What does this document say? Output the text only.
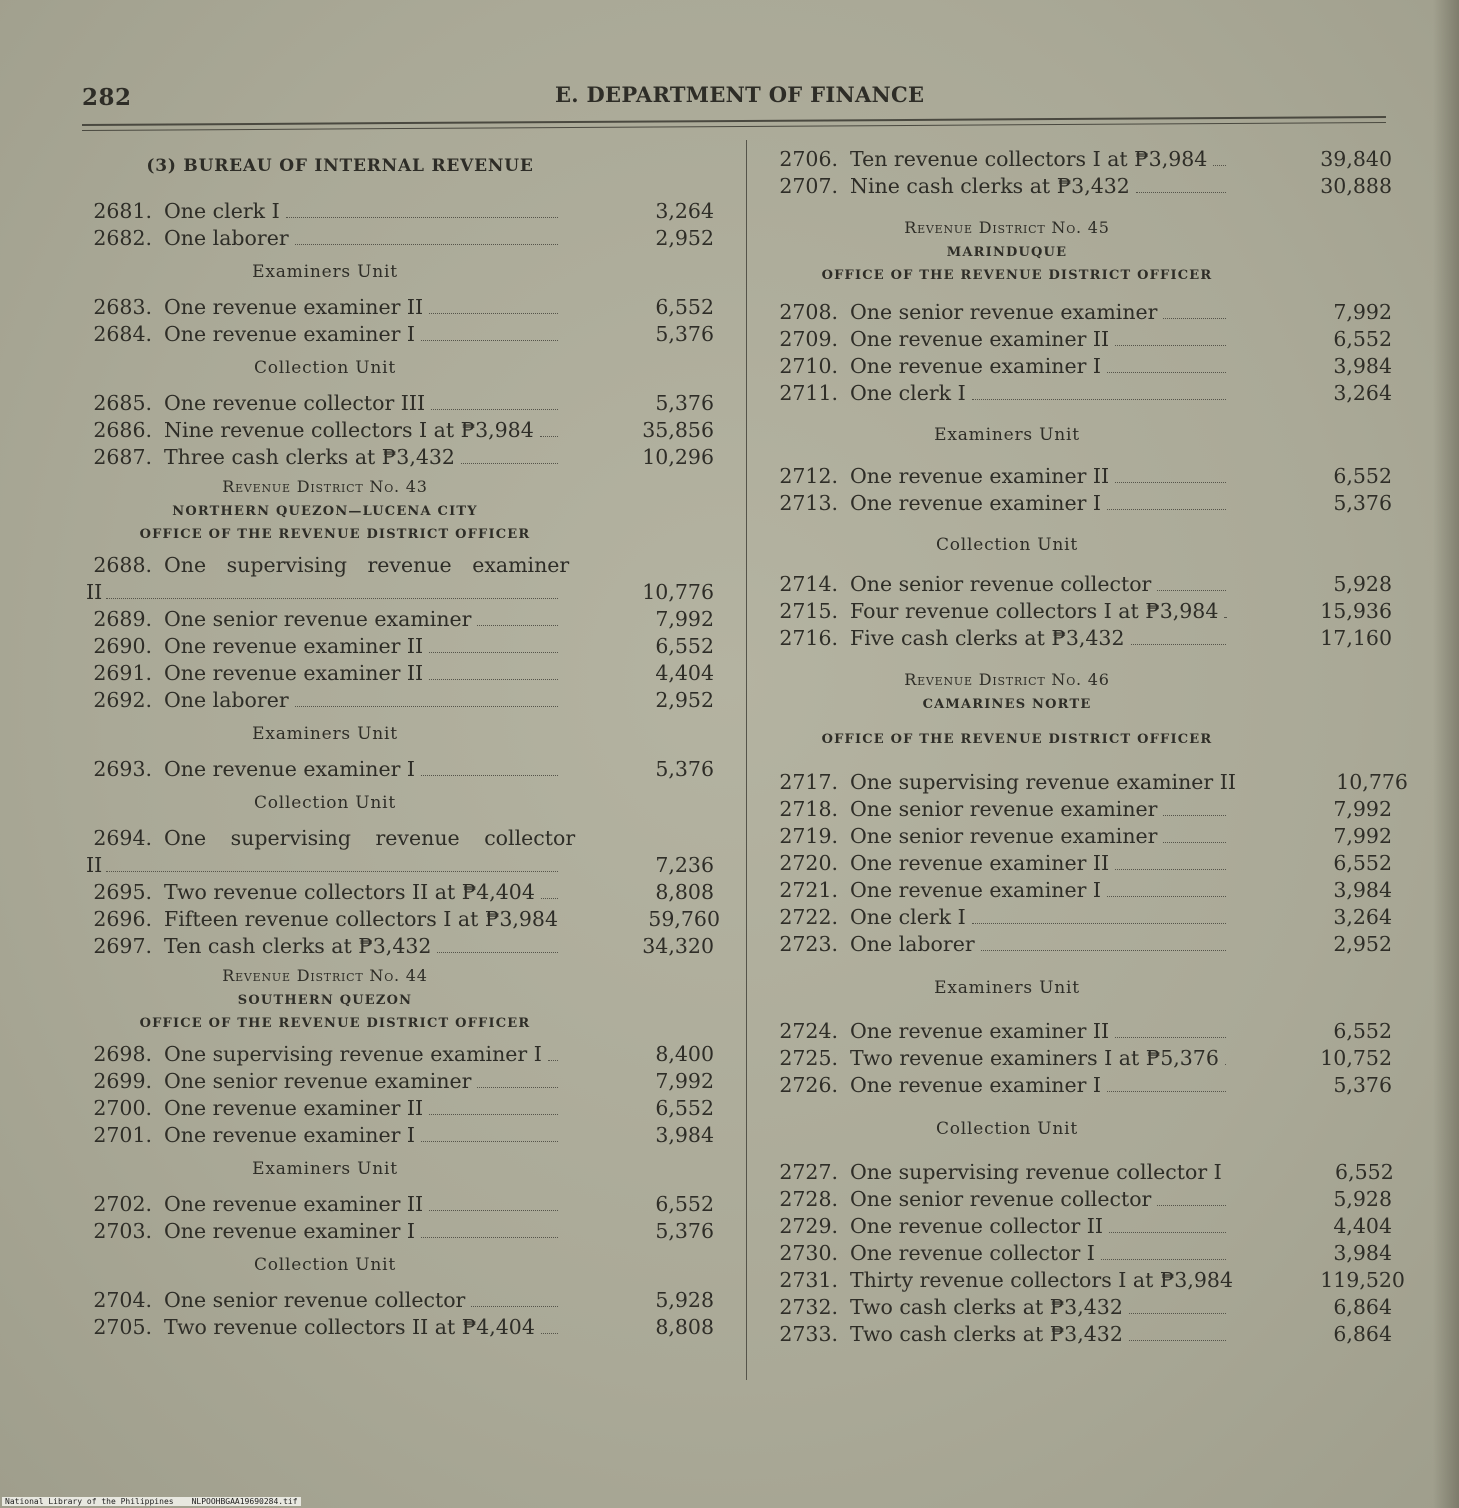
282	E. DEPARTMENT OF FINANCE
(3) BUREAU OF INTERNAL REVENUE
2681. One clerk I	3,264
2682. One laborer	2,952
Examiners Unit
2683. One revenue examiner II	6,552
2684. One revenue examiner I	5,376
Collection Unit
2685. One revenue collector III	5,376
2686. Nine revenue collectors I at ₱3,984	35,856
2687. Three cash clerks at ₱3,432	10,296
Revenue District No. 43
NORTHERN QUEZON—LUCENA CITY
OFFICE OF THE REVENUE DISTRICT OFFICER
2688. One supervising revenue examiner
II	10,776
2689. One senior revenue examiner	7,992
2690. One revenue examiner II	6,552
2691. One revenue examiner II	4,404
2692. One laborer	2,952
Examiners Unit
2693. One revenue examiner I	5,376
Collection Unit
2694. One supervising revenue collector
II	7,236
2695. Two revenue collectors II at ₱4,404	8,808
2696. Fifteen revenue collectors I at ₱3,984	59,760
2697. Ten cash clerks at ₱3,432	34,320
Revenue District No. 44
SOUTHERN QUEZON
OFFICE OF THE REVENUE DISTRICT OFFICER
2698. One supervising revenue examiner I	8,400
2699. One senior revenue examiner	7,992
2700. One revenue examiner II	6,552
2701. One revenue examiner I	3,984
Examiners Unit
2702. One revenue examiner II	6,552
2703. One revenue examiner I	5,376
Collection Unit
2704. One senior revenue collector	5,928
2705. Two revenue collectors II at ₱4,404	8,808
2706. Ten revenue collectors I at ₱3,984	39,840
2707. Nine cash clerks at ₱3,432	30,888
Revenue District No. 45
MARINDUQUE
OFFICE OF THE REVENUE DISTRICT OFFICER
2708. One senior revenue examiner	7,992
2709. One revenue examiner II	6,552
2710. One revenue examiner I	3,984
2711. One clerk I	3,264
Examiners Unit
2712. One revenue examiner II	6,552
2713. One revenue examiner I	5,376
Collection Unit
2714. One senior revenue collector	5,928
2715. Four revenue collectors I at ₱3,984	15,936
2716. Five cash clerks at ₱3,432	17,160
Revenue District No. 46
CAMARINES NORTE
OFFICE OF THE REVENUE DISTRICT OFFICER
2717. One supervising revenue examiner II	10,776
2718. One senior revenue examiner	7,992
2719. One senior revenue examiner	7,992
2720. One revenue examiner II	6,552
2721. One revenue examiner I	3,984
2722. One clerk I	3,264
2723. One laborer	2,952
Examiners Unit
2724. One revenue examiner II	6,552
2725. Two revenue examiners I at ₱5,376	10,752
2726. One revenue examiner I	5,376
Collection Unit
2727. One supervising revenue collector I	6,552
2728. One senior revenue collector	5,928
2729. One revenue collector II	4,404
2730. One revenue collector I	3,984
2731. Thirty revenue collectors I at ₱3,984	119,520
2732. Two cash clerks at ₱3,432	6,864
2733. Two cash clerks at ₱3,432	6,864
National Library of the Philippines NLPOOHBGAA19690284.tif
